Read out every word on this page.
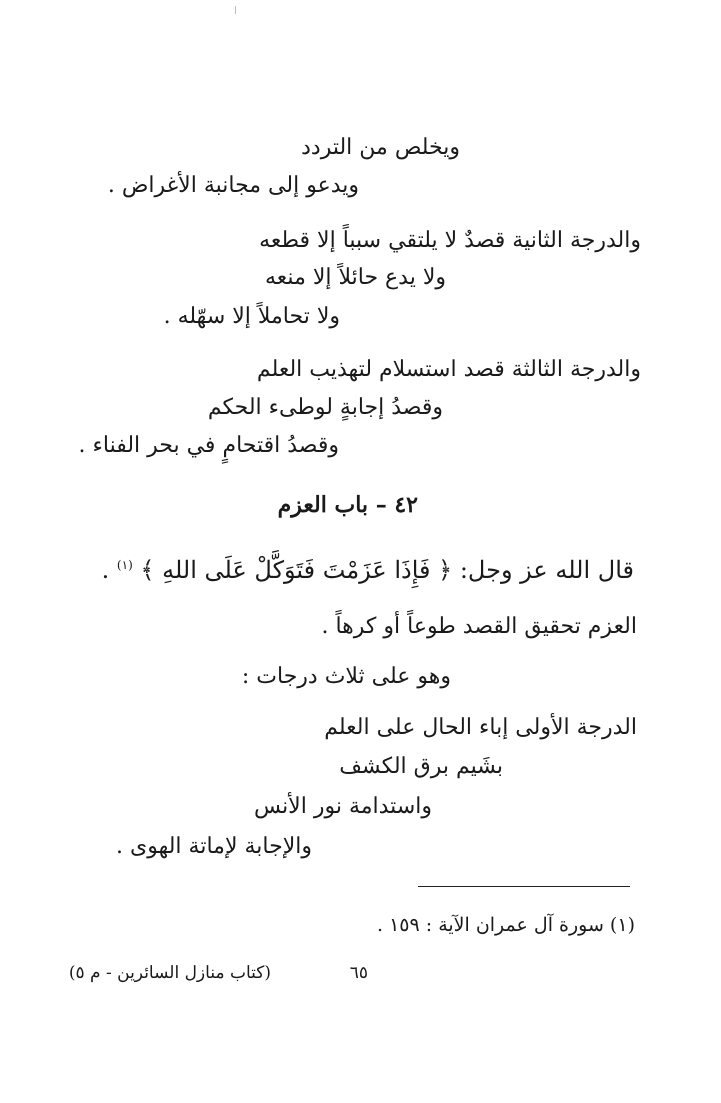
ويخلص من التردد
ويدعو إلى مجانبة الأغراض .
والدرجة الثانية قصدٌ لا يلتقي سبباً إلا قطعه
ولا يدع حائلاً إلا منعه
ولا تحاملاً إلا سهّله .
والدرجة الثالثة قصد استسلام لتهذيب العلم
وقصدُ إجابةٍ لوطىء الحكم
وقصدُ اقتحامٍ في بحر الفناء .
٤٢ – باب العزم
قال الله عز وجل: ﴿ فَإِذَا عَزَمْتَ فَتَوَكَّلْ عَلَى اللهِ ﴾ $^{(١)}$ .
العزم تحقيق القصد طوعاً أو كرهاً .
وهو على ثلاث درجات :
الدرجة الأولى إباء الحال على العلم
بشَيم برق الكشف
واستدامة نور الأنس
والإجابة لإماتة الهوى .
(١) سورة آل عمران الآية : ١٥٩ .
٦٥
(كتاب منازل السائرين - م ٥)
